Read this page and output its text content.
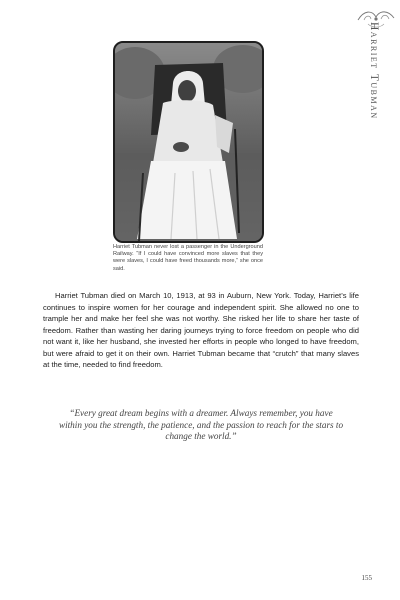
Harriet Tubman

Harriet Tubman never lost a passenger in the Underground Railway. “If I could have convinced more slaves that they were slaves, I could have freed thousands more,” she once said.

Harriet Tubman died on March 10, 1913, at 93 in Auburn, New York. Today, Harriet’s life continues to inspire women for her courage and independent spirit. She allowed no one to trample her and make her feel she was not worthy. She risked her life to share her taste of freedom. Rather than wasting her daring journeys trying to force freedom on people who did not want it, like her husband, she invested her efforts in people who longed to have freedom, but were afraid to get it on their own. Harriet Tubman became that “crutch” that many slaves at the time, needed to find freedom.

“Every great dream begins with a dreamer. Always remember, you have within you the strength, the patience, and the passion to reach for the stars to change the world.”

155
